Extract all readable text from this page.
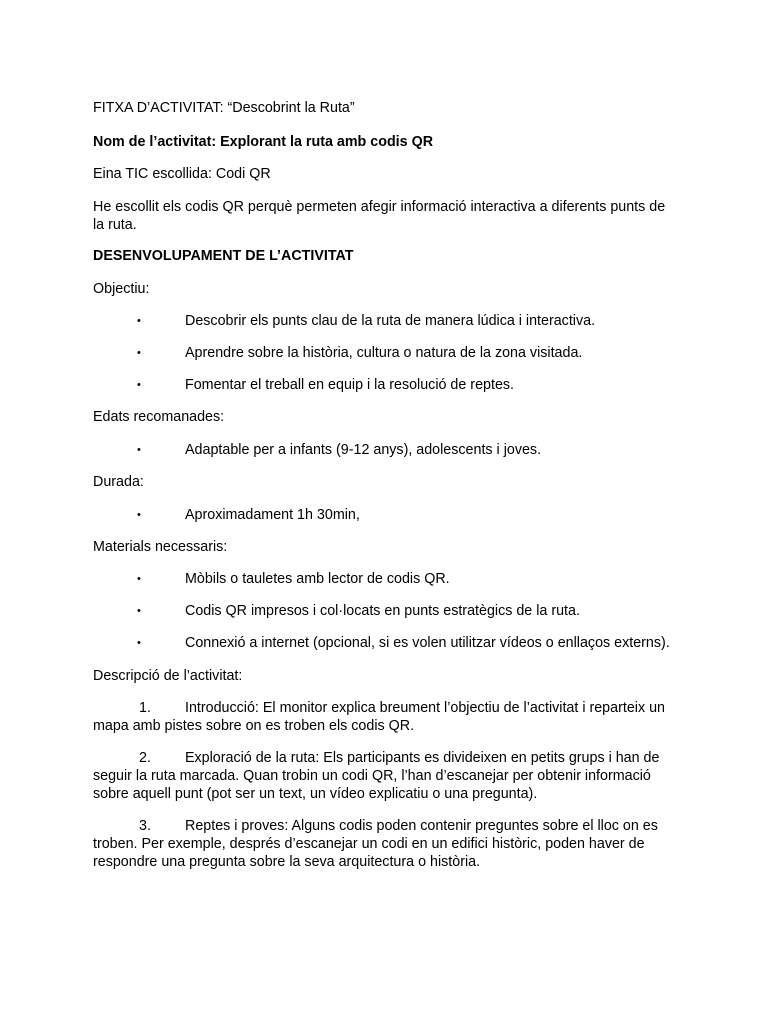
FITXA D’ACTIVITAT: “Descobrint la Ruta”
Nom de l’activitat: Explorant la ruta amb codis QR
Eina TIC escollida: Codi QR
He escollit els codis QR perquè permeten afegir informació interactiva a diferents punts de la ruta.
DESENVOLUPAMENT DE L’ACTIVITAT
Objectiu:
•	Descobrir els punts clau de la ruta de manera lúdica i interactiva.
•	Aprendre sobre la història, cultura o natura de la zona visitada.
•	Fomentar el treball en equip i la resolució de reptes.
Edats recomanades:
•	Adaptable per a infants (9-12 anys), adolescents i joves.
Durada:
•	Aproximadament 1h 30min,
Materials necessaris:
•	Mòbils o tauletes amb lector de codis QR.
•	Codis QR impresos i col·locats en punts estratègics de la ruta.
•	Connexió a internet (opcional, si es volen utilitzar vídeos o enllaços externs).
Descripció de l’activitat:
1.	Introducció: El monitor explica breument l’objectiu de l’activitat i reparteix un mapa amb pistes sobre on es troben els codis QR.
2.	Exploració de la ruta: Els participants es divideixen en petits grups i han de seguir la ruta marcada. Quan trobin un codi QR, l’han d’escanejar per obtenir informació sobre aquell punt (pot ser un text, un vídeo explicatiu o una pregunta).
3.	Reptes i proves: Alguns codis poden contenir preguntes sobre el lloc on es troben. Per exemple, després d’escanejar un codi en un edifici històric, poden haver de respondre una pregunta sobre la seva arquitectura o història.
